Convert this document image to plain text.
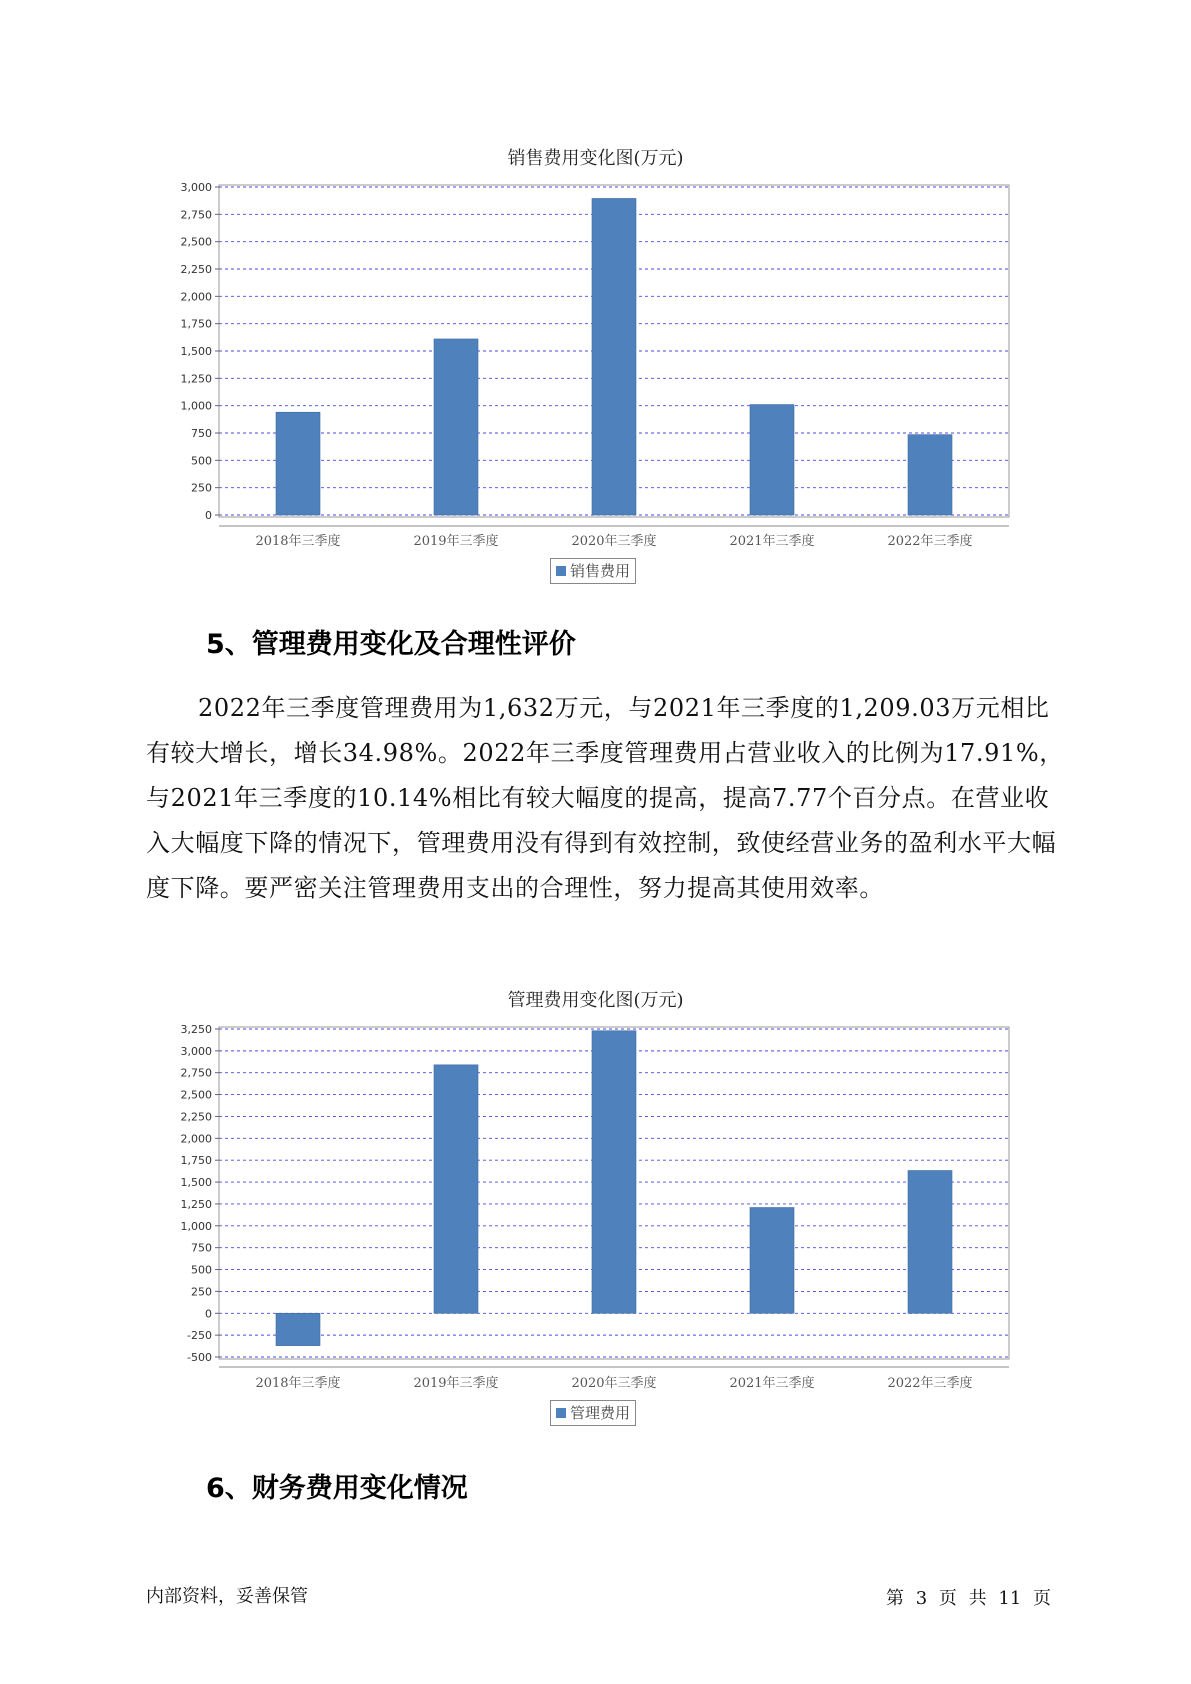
销售费用变化图(万元)
0
250
500
750
1,000
1,250
1,500
1,750
2,000
2,250
2,500
2,750
3,000
2018年三季度	2019年三季度	2020年三季度	2021年三季度	2022年三季度
销售费用
5、管理费用变化及合理性评价

2022年三季度管理费用为1,632万元，与2021年三季度的1,209.03万元相比有较大增长，增长34.98%。2022年三季度管理费用占营业收入的比例为17.91%，与2021年三季度的10.14%相比有较大幅度的提高，提高7.77个百分点。在营业收入大幅度下降的情况下，管理费用没有得到有效控制，致使经营业务的盈利水平大幅度下降。要严密关注管理费用支出的合理性，努力提高其使用效率。

管理费用变化图(万元)
-500
-250
0
250
500
750
1,000
1,250
1,500
1,750
2,000
2,250
2,500
2,750
3,000
3,250
2018年三季度	2019年三季度	2020年三季度	2021年三季度	2022年三季度
管理费用
6、财务费用变化情况
内部资料，妥善保管	第 3 页 共 11 页
